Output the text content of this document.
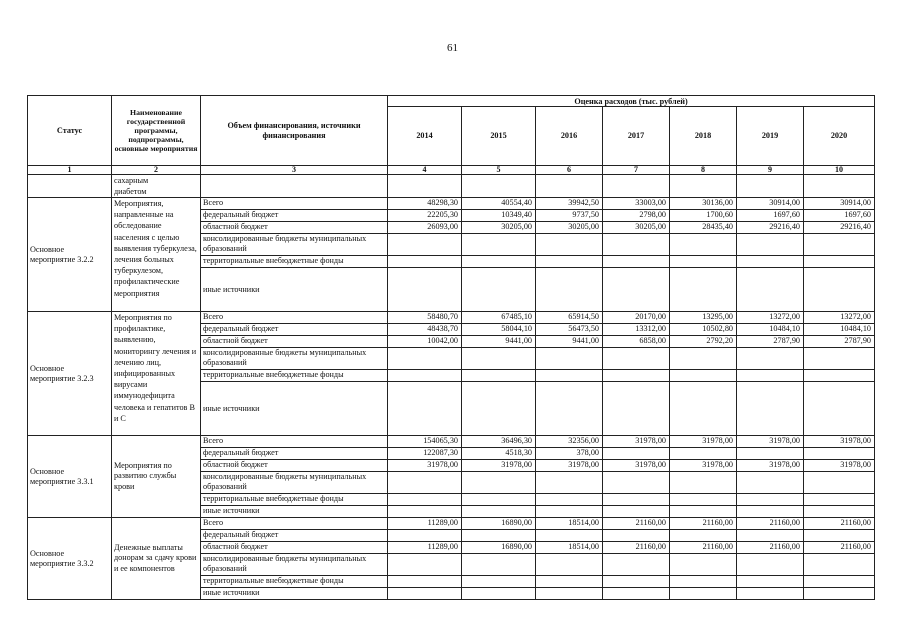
61
Статус	Наименование государственной программы, подпрограммы, основные мероприятия	Объем финансирования, источники финансирования	Оценка расходов (тыс. рублей)						
			2014	2015	2016	2017	2018	2019	2020
1	2	3	4	5	6	7	8	9	10
	сахарным
диабетом								
Основное мероприятие 3.2.2	Мероприятия, направленные на обследование населения с целью выявления туберкулеза, лечения больных туберкулезом, профилактические мероприятия	Всего	48298,30	40554,40	39942,50	33003,00	30136,00	30914,00	30914,00
		федеральный бюджет	22205,30	10349,40	9737,50	2798,00	1700,60	1697,60	1697,60
		областной бюджет	26093,00	30205,00	30205,00	30205,00	28435,40	29216,40	29216,40
		консолидированные бюджеты муниципальных образований							
		территориальные внебюджетные фонды							
		иные источники							
Основное мероприятие 3.2.3	Мероприятия по профилактике, выявлению, мониторингу лечения и лечению лиц, инфицированных вирусами иммунодефицита человека и гепатитов В и С	Всего	58480,70	67485,10	65914,50	20170,00	13295,00	13272,00	13272,00
		федеральный бюджет	48438,70	58044,10	56473,50	13312,00	10502,80	10484,10	10484,10
		областной бюджет	10042,00	9441,00	9441,00	6858,00	2792,20	2787,90	2787,90
		консолидированные бюджеты муниципальных образований							
		территориальные внебюджетные фонды							
		иные источники							
Основное мероприятие 3.3.1	Мероприятия по развитию службы крови	Всего	154065,30	36496,30	32356,00	31978,00	31978,00	31978,00	31978,00
		федеральный бюджет	122087,30	4518,30	378,00				
		областной бюджет	31978,00	31978,00	31978,00	31978,00	31978,00	31978,00	31978,00
		консолидированные бюджеты муниципальных образований							
		территориальные внебюджетные фонды							
		иные источники							
Основное мероприятие 3.3.2	Денежные выплаты донорам за сдачу крови и ее компонентов	Всего	11289,00	16890,00	18514,00	21160,00	21160,00	21160,00	21160,00
		федеральный бюджет							
		областной бюджет	11289,00	16890,00	18514,00	21160,00	21160,00	21160,00	21160,00
		консолидированные бюджеты муниципальных образований							
		территориальные внебюджетные фонды							
		иные источники							
